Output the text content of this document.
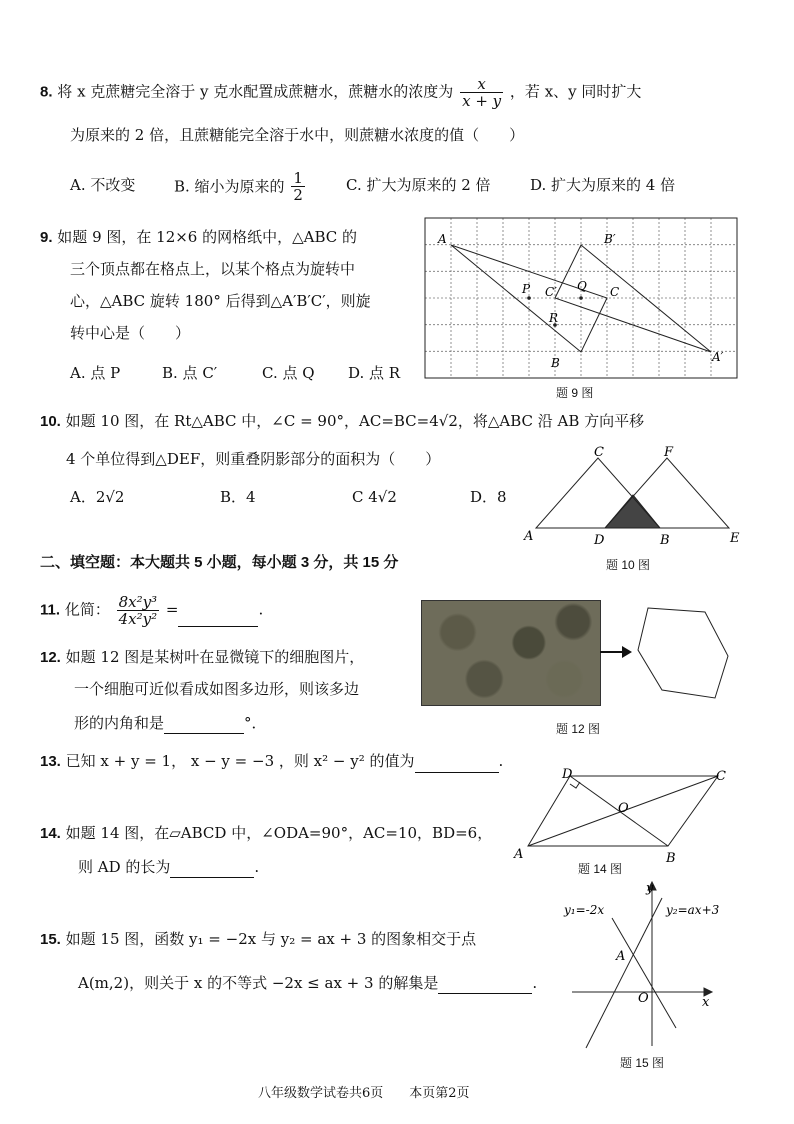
8. 将 x 克蔗糖完全溶于 y 克水配置成蔗糖水，蔗糖水的浓度为 $\frac{x}{x + y}$ ，若 x、y 同时扩大
为原来的 2 倍，且蔗糖能完全溶于水中，则蔗糖水浓度的值（　　）
A. 不改变	B. 缩小为原来的 $\frac{1}{2}$	C. 扩大为原来的 2 倍	D. 扩大为原来的 4 倍
9. 如题 9 图，在 12×6 的网格纸中，△ABC 的
三个顶点都在格点上，以某个格点为旋转中
心，△ABC 旋转 180° 后得到△A′B′C′，则旋
转中心是（　　）
A. 点 P	B. 点 C′	C. 点 Q D. 点 R
A
B
C
A′
B′
C′
P	Q
R
题 9 图
10. 如题 10 图，在 Rt△ABC 中，∠C = 90°，AC=BC=4√2，将△ABC 沿 AB 方向平移
4 个单位得到△DEF，则重叠阴影部分的面积为（　　）
A．2√2	B．4	C 4√2	D．8
A
C
D	B
F
E
题 10 图
二、填空题：本大题共 5 小题，每小题 3 分，共 15 分
11. 化简： $\frac{\text{8x²y³}}{\text{4x²y²}}$ =	.
12. 如题 12 图是某树叶在显微镜下的细胞图片，
一个细胞可近似看成如图多边形，则该多边
形的内角和是	°．	题 12 图
13. 已知 x + y = 1， x − y = −3 ，则 x² − y² 的值为	.
14. 如题 14 图，在▱ABCD 中，∠ODA=90°，AC=10，BD=6，
则 AD 的长为	.
A	B
C
D
O
题 14 图
15. 如题 15 图，函数 y₁ = −2x 与 y₂ = ax + 3 的图象相交于点
A(m,2)，则关于 x 的不等式 −2x ≤ ax + 3 的解集是	.
y₁=-2x	y₂=ax+3
y
x
O
A
题 15 图
八年级数学试卷共6页　　本页第2页
